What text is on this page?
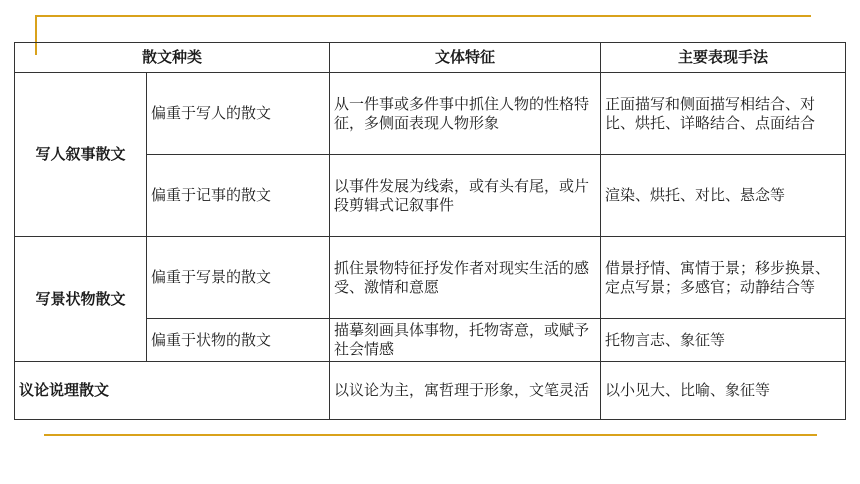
散文种类		文体特征	主要表现手法
写人叙事散文	偏重于写人的散文	从一件事或多件事中抓住人物的性格特征，多侧面表现人物形象	正面描写和侧面描写相结合、对比、烘托、详略结合、点面结合
	偏重于记事的散文	以事件发展为线索，或有头有尾，或片段剪辑式记叙事件	渲染、烘托、对比、悬念等
写景状物散文	偏重于写景的散文	抓住景物特征抒发作者对现实生活的感受、激情和意愿	借景抒情、寓情于景；移步换景、定点写景；多感官；动静结合等
	偏重于状物的散文	描摹刻画具体事物，托物寄意，或赋予社会情感	托物言志、象征等
议论说理散文		以议论为主，寓哲理于形象，文笔灵活	以小见大、比喻、象征等
